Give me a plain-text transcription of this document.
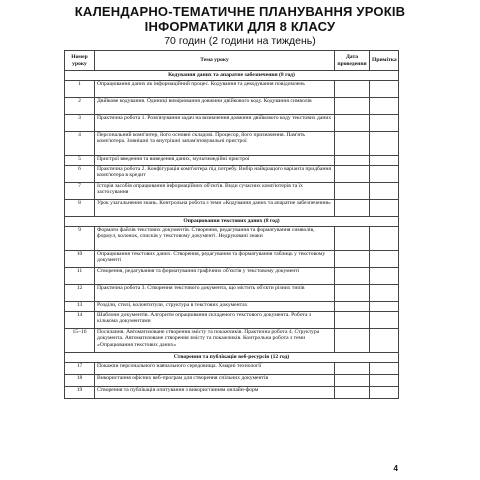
КАЛЕНДАРНО-ТЕМАТИЧНЕ ПЛАНУВАННЯ УРОКІВ
ІНФОРМАТИКИ ДЛЯ 8 КЛАСУ
70 годин (2 години на тиждень)
Номер уроку	Тема уроку	Дата проведення	Примітка
Кодування даних та апаратне забезпечення (8 год)			
1	Опрацювання даних як інформаційний процес. Кодування та декодування повідомлень		
2	Двійкове кодування. Одиниці вимірювання довжини двійкового коду. Кодування символів		
3	Практична робота 1. Розв'язування задач на визначення довжини двійкового коду текстових даних		
4	Персональний комп'ютер, його основні складові. Процесор, його призначення. Пам'ять комп'ютера. Зовнішні та внутрішні запам'ятовувальні пристрої		
5	Пристрої введення та виведення даних, мультимедійні пристрої		
6	Практична робота 2. Конфігурація комп'ютера під потребу. Вибір найкращого варіанта придбання комп'ютера в кредит		
7	Історія засобів опрацювання інформаційних об'єктів. Види сучасних комп'ютерів та їх застосування		
8	Урок узагальнення знань. Контрольна робота з теми «Кодування даних та апаратне забезпечення»		
Опрацювання текстових даних (8 год)			
9	Формати файлів текстових документів. Створення, редагування та форматування символів, формул, колонок, списків у текстовому документі. Недруковані знаки		
10	Опрацювання текстових даних. Створення, редагування та форматування таблиць у текстовому документі		
11	Створення, редагування та форматування графічних об'єктів у текстовому документі		
12	Практична робота 3. Створення текстового документа, що містить об'єкти різних типів		
13	Розділи, стилі, колонтитули, структура в текстових документах		
14	Шаблони документів. Алгоритм опрацювання складеного текстового документа. Робота з кількома документами		
15–16	Посилання. Автоматизоване створення змісту та покажчиків. Практична робота 4. Структура документа. Автоматизоване створення змісту та покажчиків. Контрольна робота з теми «Опрацювання текстових даних»		
Створення та публікація веб-ресурсів (12 год)			
17	Покажчи персонального навчального середовища. Хмарні технології		
18	Використання офісних веб-програм для створення спільних документів		
19	Створення та публікація опитування з використанням онлайн-форм		
4
